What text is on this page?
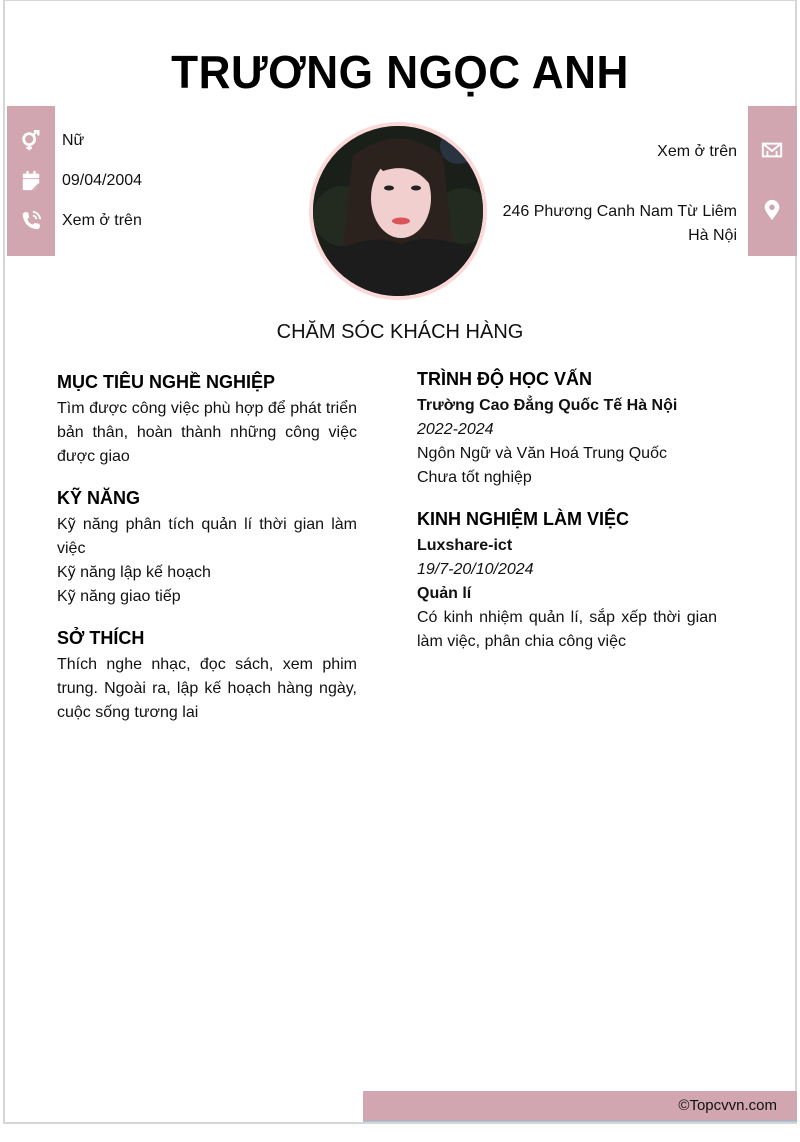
TRƯƠNG NGỌC ANH
Nữ
09/04/2004
Xem ở trên
Xem ở trên
246 Phương Canh Nam Từ Liêm
Hà Nội
CHĂM SÓC KHÁCH HÀNG
MỤC TIÊU NGHỀ NGHIỆP
Tìm được công việc phù hợp để phát triển bản thân, hoàn thành những công việc được giao
KỸ NĂNG
Kỹ năng phân tích quản lí thời gian làm việc
Kỹ năng lập kế hoạch
Kỹ năng giao tiếp
SỞ THÍCH
Thích nghe nhạc, đọc sách, xem phim trung. Ngoài ra, lập kế hoạch hàng ngày, cuộc sống tương lai
TRÌNH ĐỘ HỌC VẤN
Trường Cao Đẳng Quốc Tế Hà Nội
2022-2024
Ngôn Ngữ và Văn Hoá Trung Quốc
Chưa tốt nghiệp
KINH NGHIỆM LÀM VIỆC
Luxshare-ict
19/7-20/10/2024
Quản lí
Có kinh nhiệm quản lí, sắp xếp thời gian làm việc, phân chia công việc
©Topcvvn.com
